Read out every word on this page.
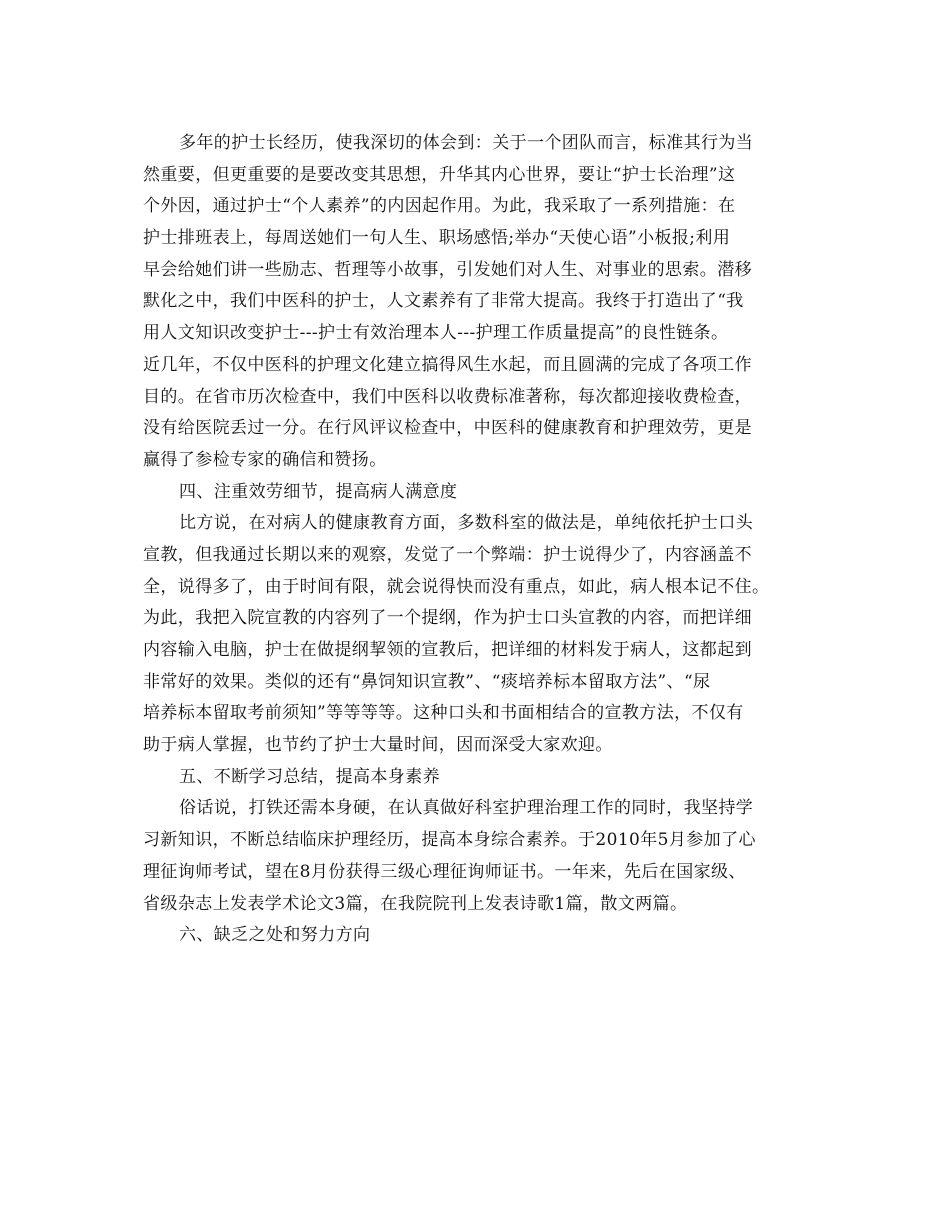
多年的护士长经历，使我深切的体会到：关于一个团队而言，标准其行为当
然重要，但更重要的是要改变其思想，升华其内心世界，要让“护士长治理”这
个外因，通过护士“个人素养”的内因起作用。为此，我采取了一系列措施：在
护士排班表上，每周送她们一句人生、职场感悟;举办“天使心语”小板报;利用
早会给她们讲一些励志、哲理等小故事，引发她们对人生、对事业的思索。潜移
默化之中，我们中医科的护士，人文素养有了非常大提高。我终于打造出了“我
用人文知识改变护士---护士有效治理本人---护理工作质量提高”的良性链条。
近几年，不仅中医科的护理文化建立搞得风生水起，而且圆满的完成了各项工作
目的。在省市历次检查中，我们中医科以收费标准著称，每次都迎接收费检查，
没有给医院丢过一分。在行风评议检查中，中医科的健康教育和护理效劳，更是
赢得了参检专家的确信和赞扬。
四、注重效劳细节，提高病人满意度
比方说，在对病人的健康教育方面，多数科室的做法是，单纯依托护士口头
宣教，但我通过长期以来的观察，发觉了一个弊端：护士说得少了，内容涵盖不
全，说得多了，由于时间有限，就会说得快而没有重点，如此，病人根本记不住。
为此，我把入院宣教的内容列了一个提纲，作为护士口头宣教的内容，而把详细
内容输入电脑，护士在做提纲挈领的宣教后，把详细的材料发于病人，这都起到
非常好的效果。类似的还有“鼻饲知识宣教”、“痰培养标本留取方法”、“尿
培养标本留取考前须知”等等等等。这种口头和书面相结合的宣教方法，不仅有
助于病人掌握，也节约了护士大量时间，因而深受大家欢迎。
五、不断学习总结，提高本身素养
俗话说，打铁还需本身硬，在认真做好科室护理治理工作的同时，我坚持学
习新知识，不断总结临床护理经历，提高本身综合素养。于2010年5月参加了心
理征询师考试，望在8月份获得三级心理征询师证书。一年来，先后在国家级、
省级杂志上发表学术论文3篇，在我院院刊上发表诗歌1篇，散文两篇。
六、缺乏之处和努力方向
